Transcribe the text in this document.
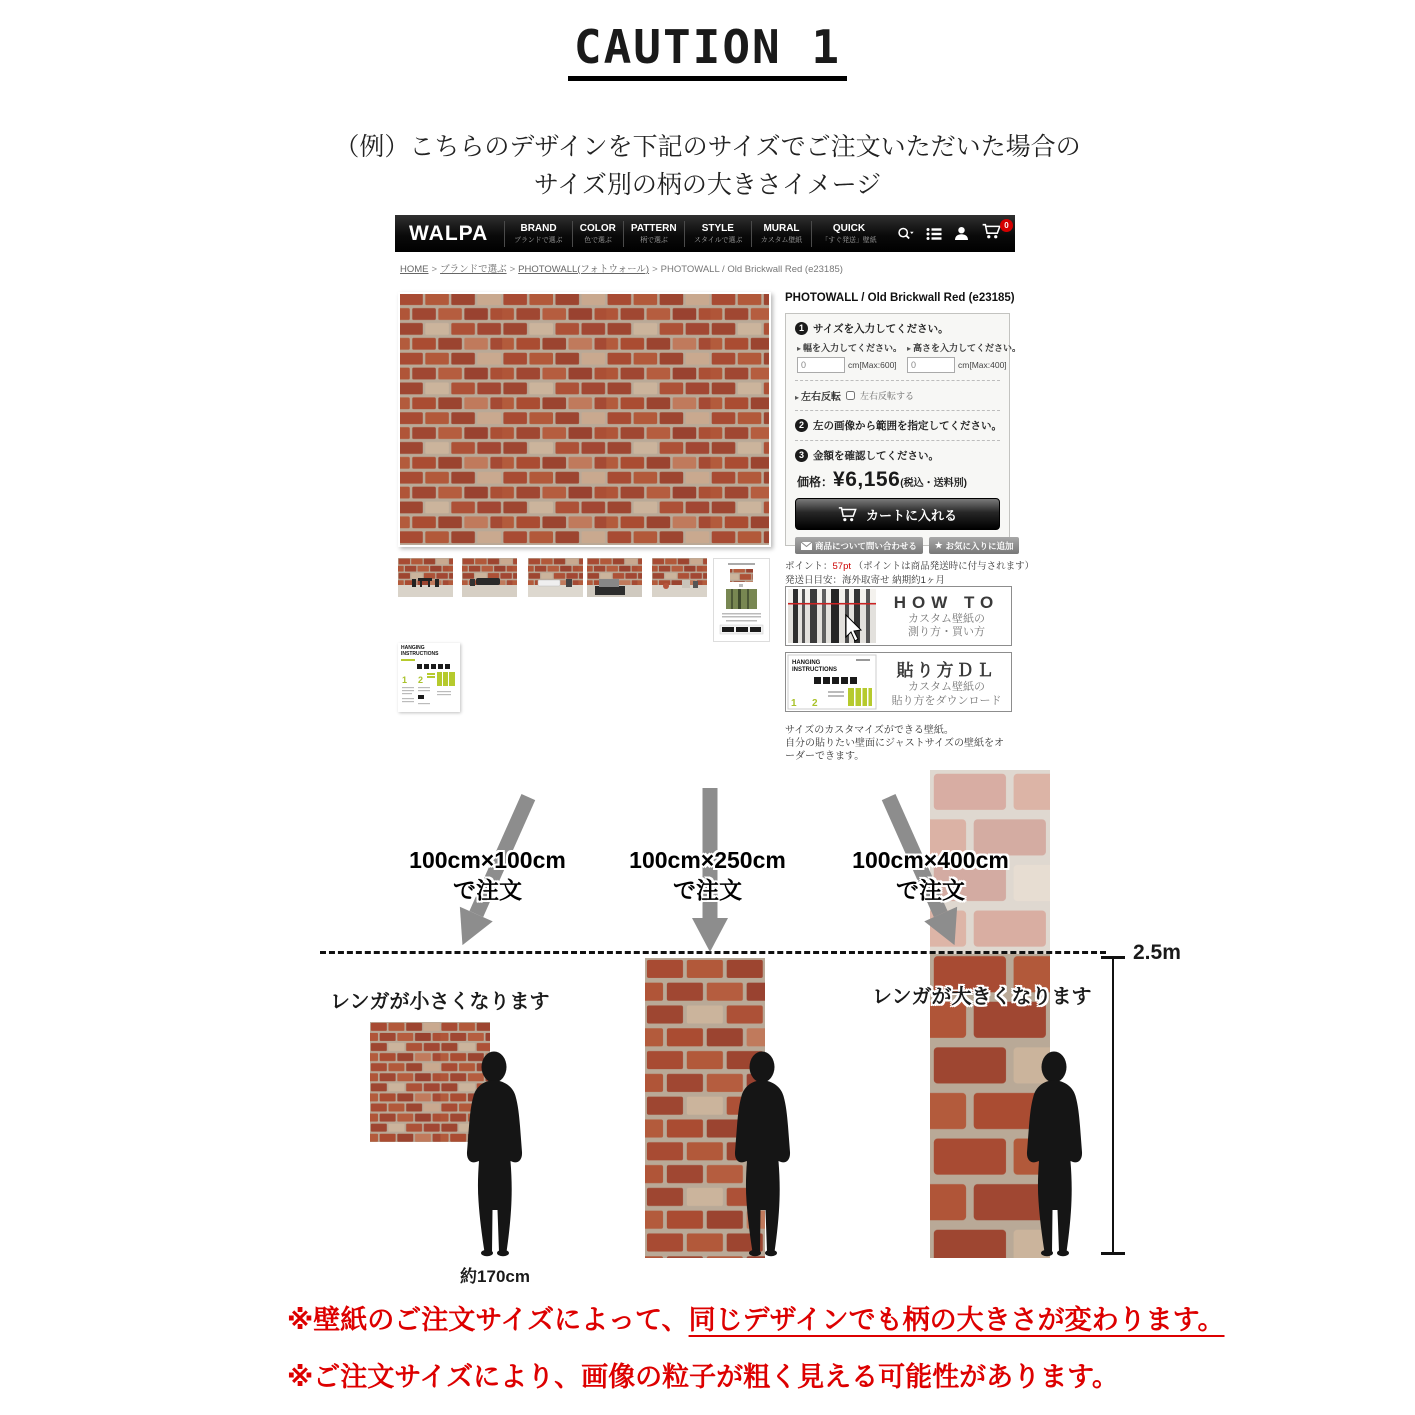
CAUTION 1
（例）こちらのデザインを下記のサイズでご注文いただいた場合の
サイズ別の柄の大きさイメージ
WALPA	BRAND
ブランドで選ぶ
COLOR
色で選ぶ
PATTERN
柄で選ぶ
STYLE
スタイルで選ぶ
MURAL
カスタム壁紙
QUICK
「すぐ発送」壁紙
0
HOME > ブランドで選ぶ > PHOTOWALL(フォトウォール) > PHOTOWALL / Old Brickwall Red (e23185)
PHOTOWALL / Old Brickwall Red (e23185)
1 サイズを入力してください。
▸ 幅を入力してください。
0
cm[Max:600]
▸ 高さを入力してください。
0
cm[Max:400]
▸ 左右反転 左右反転する
2 左の画像から範囲を指定してください。
3 金額を確認してください。
価格：¥6,156(税込・送料別)
カートに入れる
商品について問い合わせる ★ お気に入りに追加
ポイント：57pt （ポイントは商品発送時に付与されます）
発送日目安：海外取寄せ 納期約1ヶ月
HOW TO
カスタム壁紙の
測り方・買い方
HANGING
INSTRUCTIONS
1 2
貼り方ＤＬ
カスタム壁紙の
貼り方をダウンロード
サイズのカスタマイズができる壁紙。
自分の貼りたい壁面にジャストサイズの壁紙をオーダーできます。
HANGING
INSTRUCTIONS
1 2
100cm×100cm
で注文
100cm×250cm
で注文
100cm×400cm
で注文
レンガが小さくなります	レンガが大きくなります
約170cm
2.5m
※壁紙のご注文サイズによって、同じデザインでも柄の大きさが変わります。
※ご注文サイズにより、画像の粒子が粗く見える可能性があります。
